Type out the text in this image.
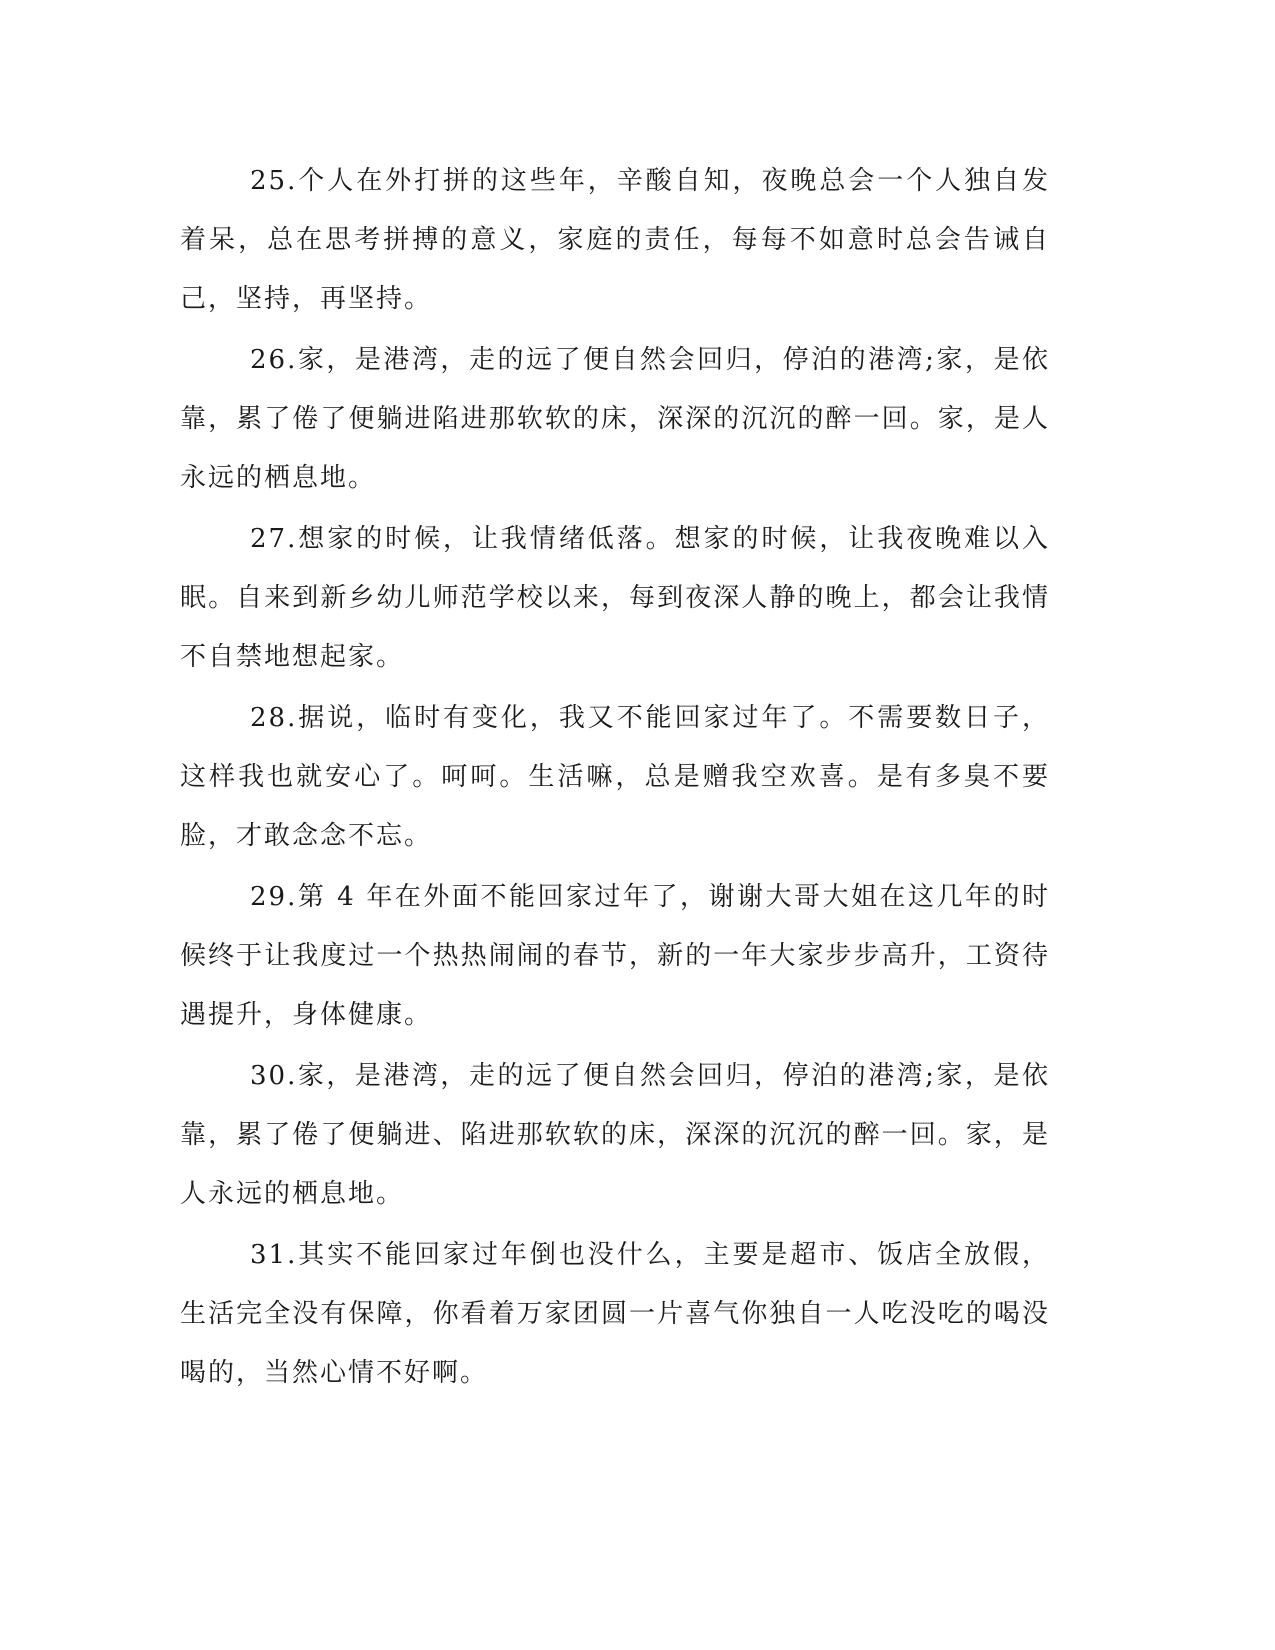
25.个人在外打拼的这些年，辛酸自知，夜晚总会一个人独自发着呆，总在思考拼搏的意义，家庭的责任，每每不如意时总会告诫自己，坚持，再坚持。

26.家，是港湾，走的远了便自然会回归，停泊的港湾;家，是依靠，累了倦了便躺进陷进那软软的床，深深的沉沉的醉一回。家，是人永远的栖息地。

27.想家的时候，让我情绪低落。想家的时候，让我夜晚难以入眠。自来到新乡幼儿师范学校以来，每到夜深人静的晚上，都会让我情不自禁地想起家。

28.据说，临时有变化，我又不能回家过年了。不需要数日子，这样我也就安心了。呵呵。生活嘛，总是赠我空欢喜。是有多臭不要脸，才敢念念不忘。

29.第 4 年在外面不能回家过年了，谢谢大哥大姐在这几年的时候终于让我度过一个热热闹闹的春节，新的一年大家步步高升，工资待遇提升，身体健康。

30.家，是港湾，走的远了便自然会回归，停泊的港湾;家，是依靠，累了倦了便躺进、陷进那软软的床，深深的沉沉的醉一回。家，是人永远的栖息地。

31.其实不能回家过年倒也没什么，主要是超市、饭店全放假，生活完全没有保障，你看着万家团圆一片喜气你独自一人吃没吃的喝没喝的，当然心情不好啊。
